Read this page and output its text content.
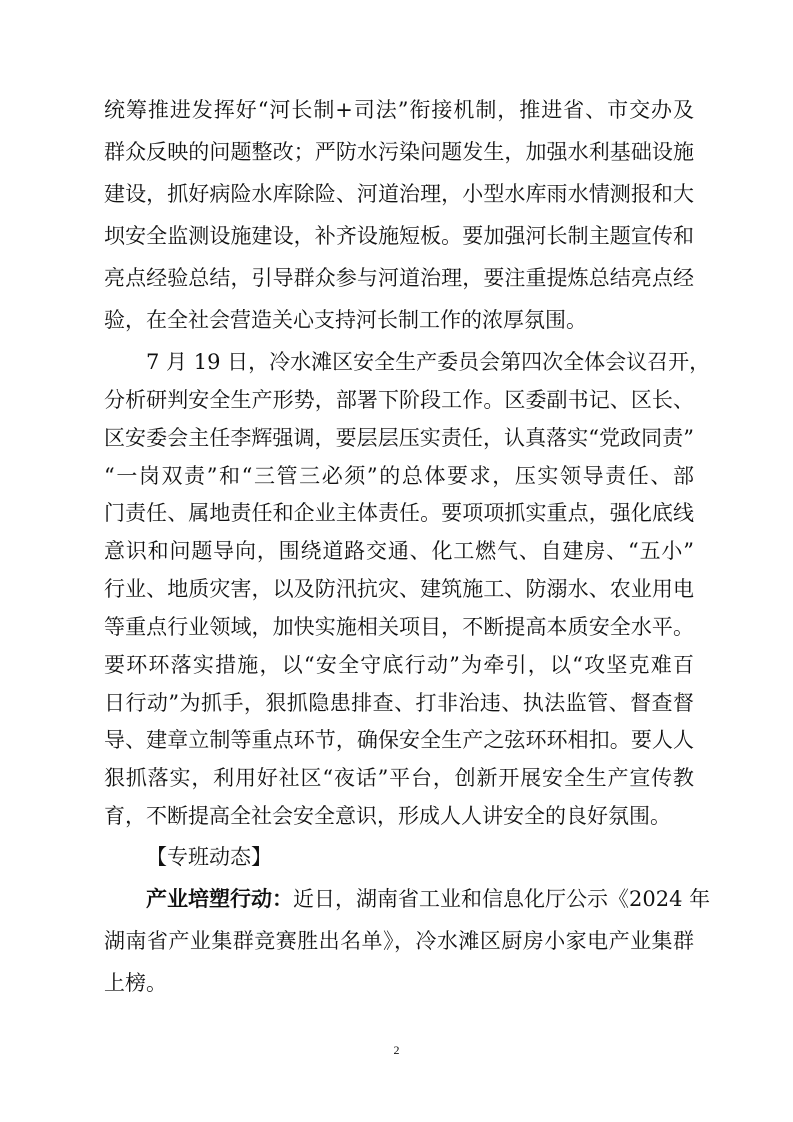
统筹推进发挥好“河长制+司法”衔接机制，推进省、市交办及
群众反映的问题整改；严防水污染问题发生，加强水利基础设施
建设，抓好病险水库除险、河道治理，小型水库雨水情测报和大
坝安全监测设施建设，补齐设施短板。要加强河长制主题宣传和
亮点经验总结，引导群众参与河道治理，要注重提炼总结亮点经
验，在全社会营造关心支持河长制工作的浓厚氛围。
7 月 19 日，冷水滩区安全生产委员会第四次全体会议召开，
分析研判安全生产形势，部署下阶段工作。区委副书记、区长、
区安委会主任李辉强调，要层层压实责任，认真落实“党政同责”
“一岗双责”和“三管三必须”的总体要求，压实领导责任、部
门责任、属地责任和企业主体责任。要项项抓实重点，强化底线
意识和问题导向，围绕道路交通、化工燃气、自建房、“五小”
行业、地质灾害，以及防汛抗灾、建筑施工、防溺水、农业用电
等重点行业领域，加快实施相关项目，不断提高本质安全水平。
要环环落实措施，以“安全守底行动”为牵引，以“攻坚克难百
日行动”为抓手，狠抓隐患排查、打非治违、执法监管、督查督
导、建章立制等重点环节，确保安全生产之弦环环相扣。要人人
狠抓落实，利用好社区“夜话”平台，创新开展安全生产宣传教
育，不断提高全社会安全意识，形成人人讲安全的良好氛围。
【专班动态】
产业培塑行动：近日，湖南省工业和信息化厅公示《2024 年
湖南省产业集群竞赛胜出名单》，冷水滩区厨房小家电产业集群
上榜。
2
